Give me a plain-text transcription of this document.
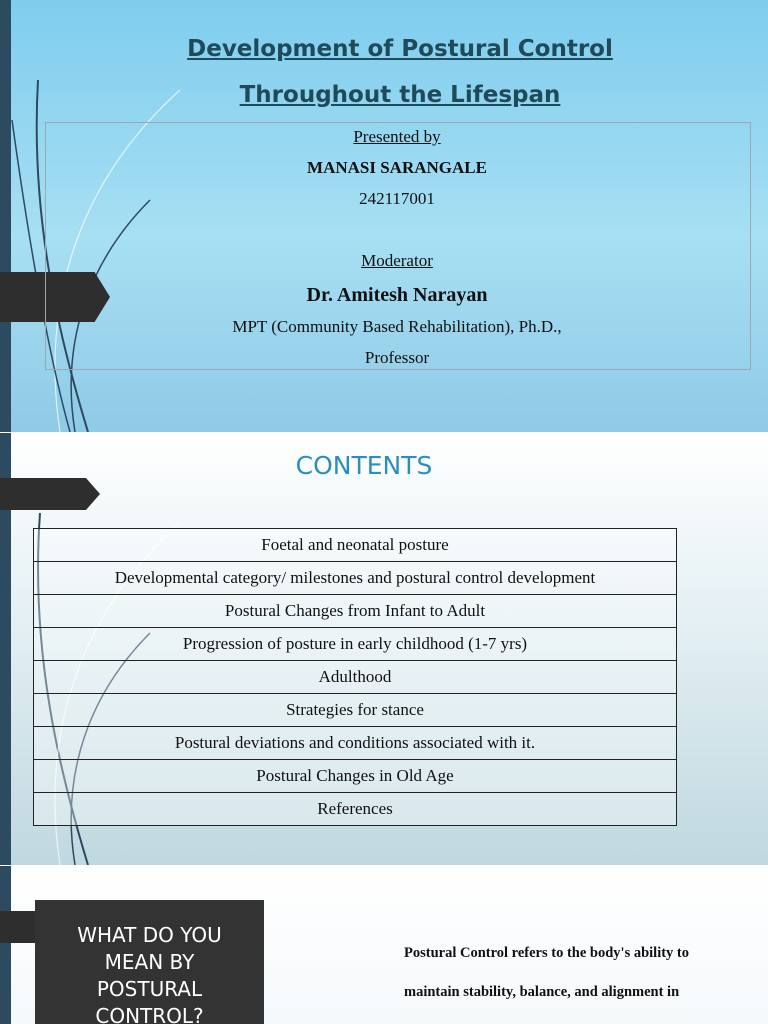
Development of Postural Control
Throughout the Lifespan
Presented by
MANASI SARANGALE
242117001
Moderator
Dr. Amitesh Narayan
MPT (Community Based Rehabilitation), Ph.D.,
Professor
CONTENTS
Foetal and neonatal posture
Developmental category/ milestones and postural control development
Postural Changes from Infant to Adult
Progression of posture in early childhood (1-7 yrs)
Adulthood
Strategies for stance
Postural deviations and conditions associated with it.
Postural Changes in Old Age
References
WHAT DO YOU
MEAN BY
POSTURAL
CONTROL?
Postural Control refers to the body's ability to
maintain stability, balance, and alignment in
